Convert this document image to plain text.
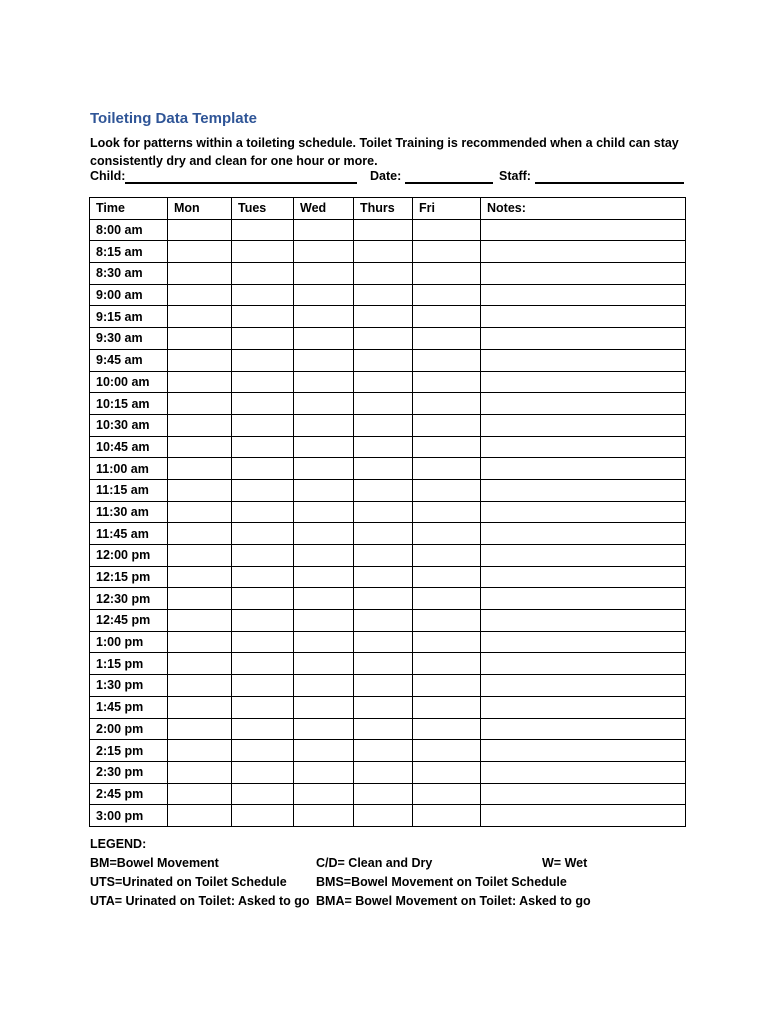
Toileting Data Template
Look for patterns within a toileting schedule. Toilet Training is recommended when a child can stay consistently dry and clean for one hour or more.
Child:	Date:	Staff:
Time	Mon	Tues	Wed	Thurs	Fri	Notes:
8:00 am						
8:15 am						
8:30 am						
9:00 am						
9:15 am						
9:30 am						
9:45 am						
10:00 am						
10:15 am						
10:30 am						
10:45 am						
11:00 am						
11:15 am						
11:30 am						
11:45 am						
12:00 pm						
12:15 pm						
12:30 pm						
12:45 pm						
1:00 pm						
1:15 pm						
1:30 pm						
1:45 pm						
2:00 pm						
2:15 pm						
2:30 pm						
2:45 pm						
3:00 pm						
LEGEND:
BM=Bowel Movement	C/D= Clean and Dry	W= Wet
UTS=Urinated on Toilet Schedule BMS=Bowel Movement on Toilet Schedule
UTA= Urinated on Toilet: Asked to go BMA= Bowel Movement on Toilet: Asked to go
